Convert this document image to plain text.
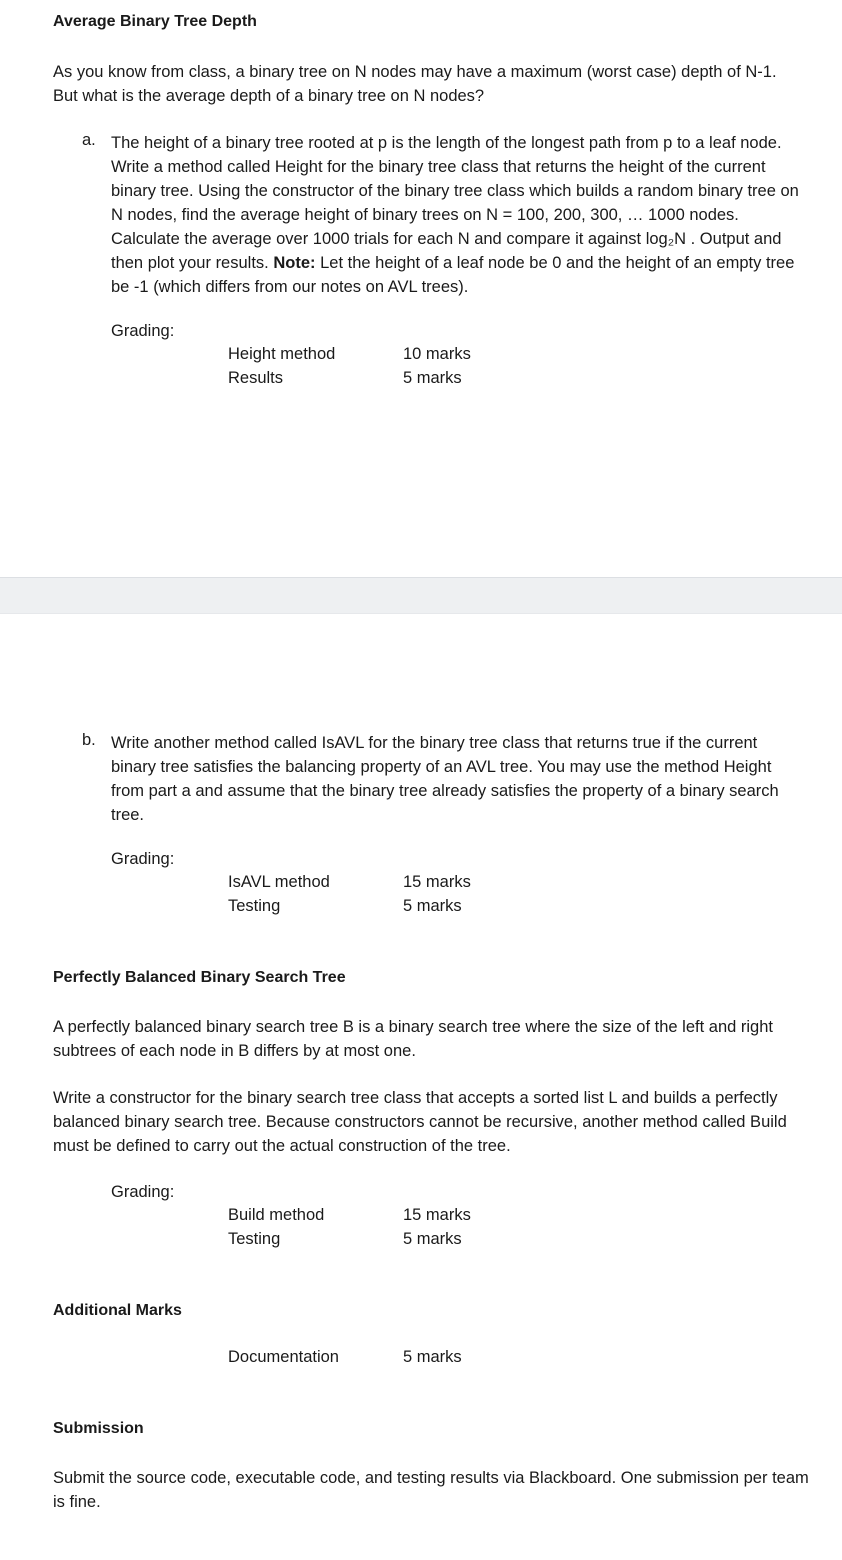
Average Binary Tree Depth
As you know from class, a binary tree on N nodes may have a maximum (worst case) depth of N-1. But what is the average depth of a binary tree on N nodes?
a. The height of a binary tree rooted at p is the length of the longest path from p to a leaf node. Write a method called Height for the binary tree class that returns the height of the current binary tree. Using the constructor of the binary tree class which builds a random binary tree on N nodes, find the average height of binary trees on N = 100, 200, 300, … 1000 nodes. Calculate the average over 1000 trials for each N and compare it against log₂N . Output and then plot your results. Note: Let the height of a leaf node be 0 and the height of an empty tree be -1 (which differs from our notes on AVL trees).
Grading:
Height method	10 marks
Results	5 marks
b. Write another method called IsAVL for the binary tree class that returns true if the current binary tree satisfies the balancing property of an AVL tree. You may use the method Height from part a and assume that the binary tree already satisfies the property of a binary search tree.
Grading:
IsAVL method	15 marks
Testing	5 marks
Perfectly Balanced Binary Search Tree
A perfectly balanced binary search tree B is a binary search tree where the size of the left and right subtrees of each node in B differs by at most one.
Write a constructor for the binary search tree class that accepts a sorted list L and builds a perfectly balanced binary search tree. Because constructors cannot be recursive, another method called Build must be defined to carry out the actual construction of the tree.
Grading:
Build method	15 marks
Testing	5 marks
Additional Marks
Documentation	5 marks
Submission
Submit the source code, executable code, and testing results via Blackboard. One submission per team is fine.
